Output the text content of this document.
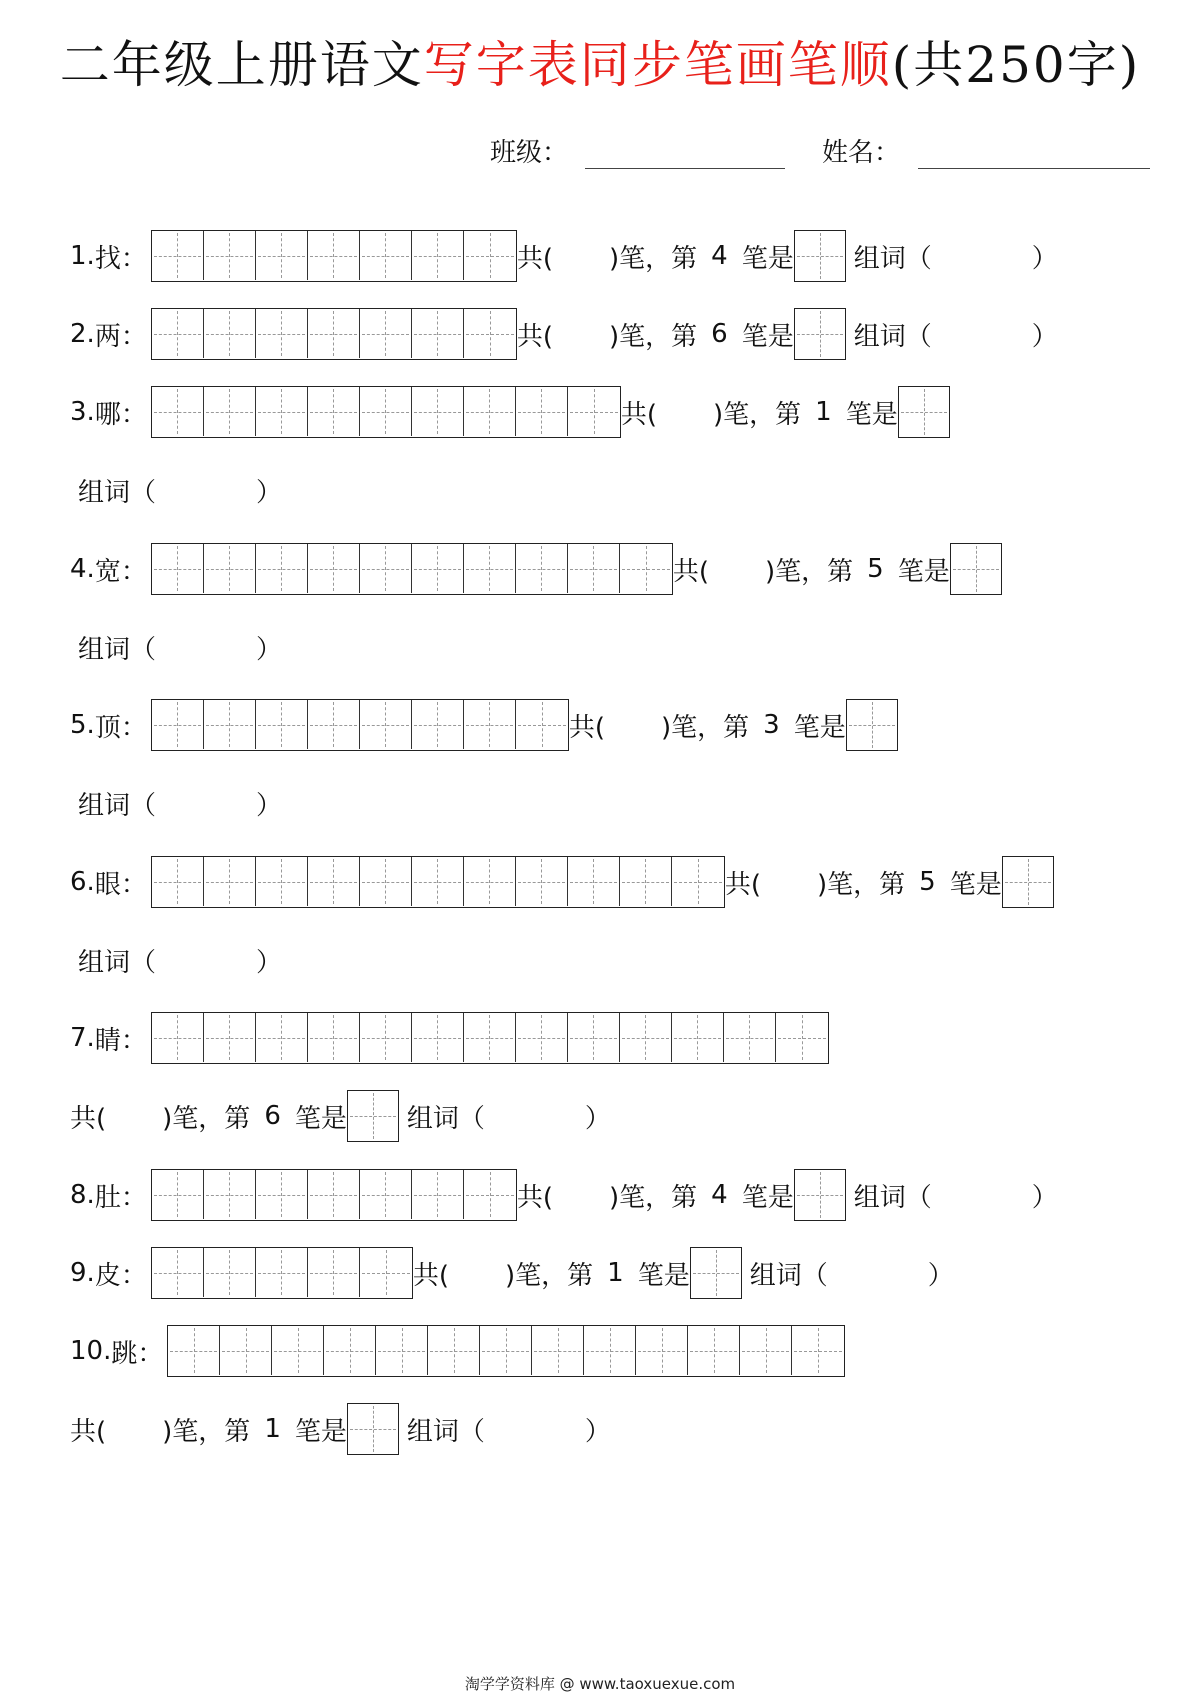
二年级上册语文写字表同步笔画笔顺(共250字)
班级：	姓名：
1. 找 ：	共( )笔，第 4 笔是 组词（	）
2. 两 ：	共( )笔，第 6 笔是 组词（	）
3. 哪 ：	共( )笔，第 1 笔是
组词（	）
4. 宽 ：	共( )笔，第 5 笔是
组词（	）
5. 顶 ：	共( )笔，第 3 笔是
组词（	）
6. 眼 ：	共( )笔，第 5 笔是
组词（	）
7. 睛 ：
共( )笔，第 6 笔是 组词（	）
8. 肚 ：	共( )笔，第 4 笔是 组词（	）
9. 皮 ：	共( )笔，第 1 笔是 组词（	）
10. 跳 ：
共( )笔，第 1 笔是 组词（	）
淘学学资料库 @ www.taoxuexue.com
